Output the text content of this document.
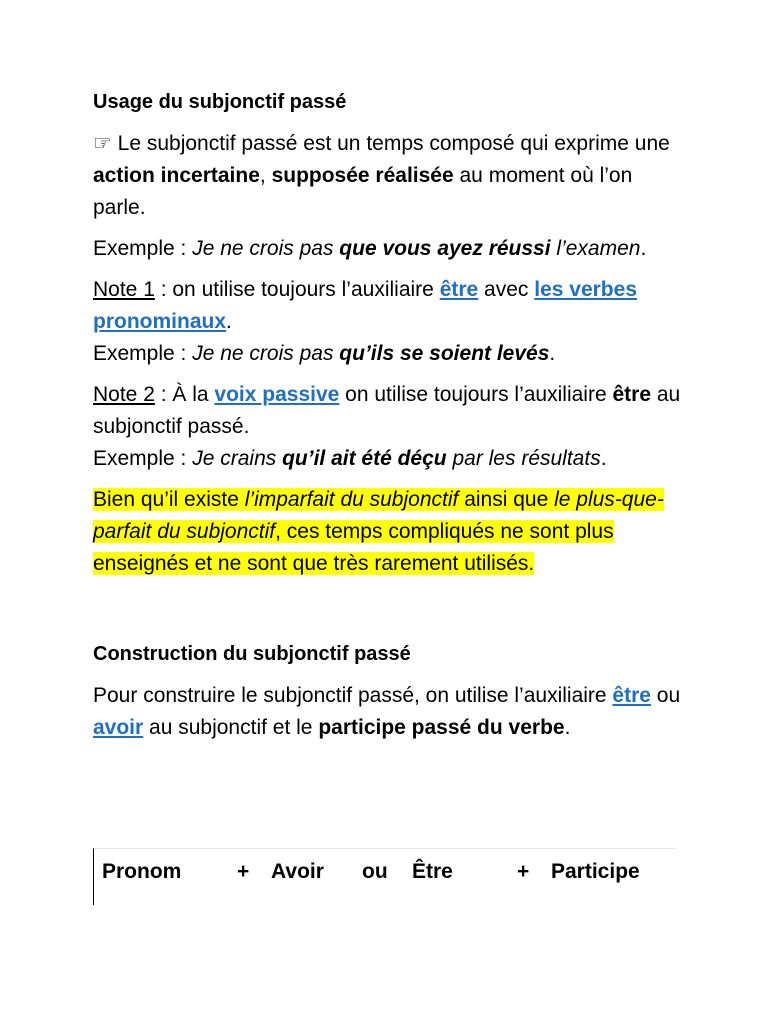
Usage du subjonctif passé

☞ Le subjonctif passé est un temps composé qui exprime une action incertaine, supposée réalisée au moment où l’on parle.

Exemple : Je ne crois pas que vous ayez réussi l’examen.

Note 1 : on utilise toujours l’auxiliaire être avec les verbes pronominaux.
Exemple : Je ne crois pas qu’ils se soient levés.

Note 2 : À la voix passive on utilise toujours l’auxiliaire être au subjonctif passé.
Exemple : Je crains qu’il ait été déçu par les résultats.

Bien qu’il existe l’imparfait du subjonctif ainsi que le plus-que-parfait du subjonctif, ces temps compliqués ne sont plus enseignés et ne sont que très rarement utilisés.

Construction du subjonctif passé

Pour construire le subjonctif passé, on utilise l’auxiliaire être ou avoir au subjonctif et le participe passé du verbe.

Pronom	+ Avoir ou Être	+ Participe
